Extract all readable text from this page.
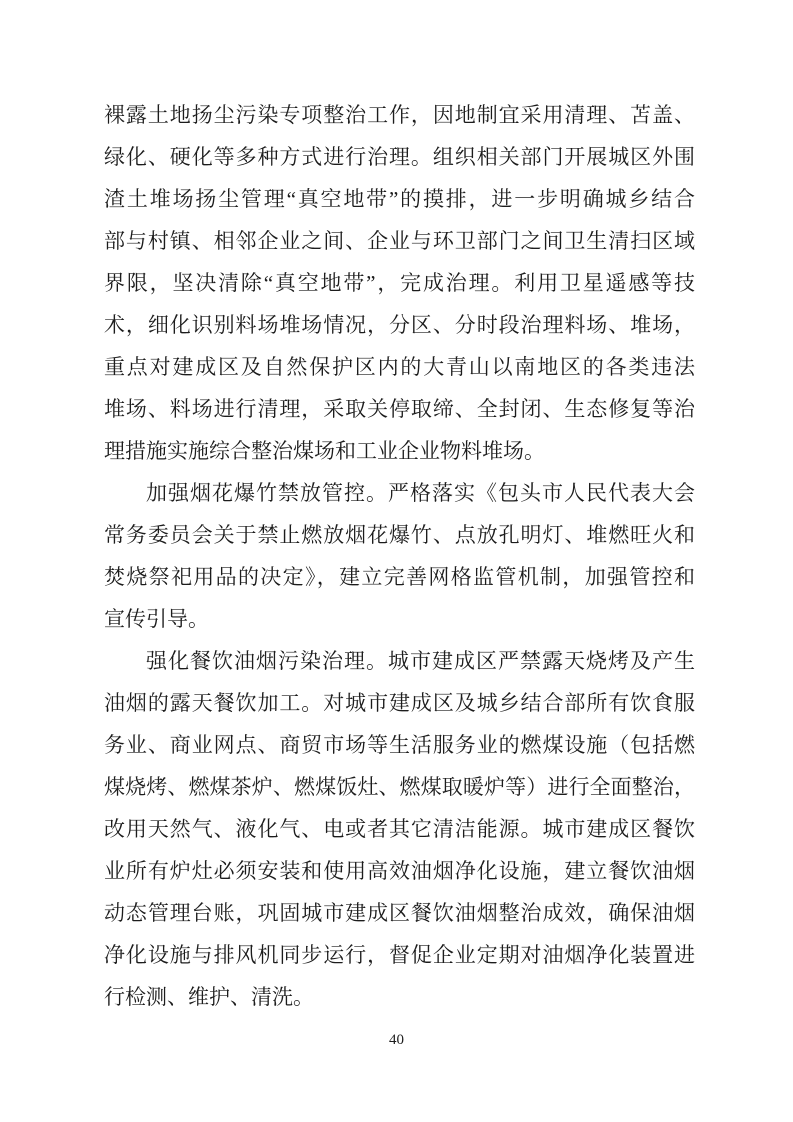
裸露土地扬尘污染专项整治工作，因地制宜采用清理、苫盖、
绿化、硬化等多种方式进行治理。组织相关部门开展城区外围
渣土堆场扬尘管理“真空地带”的摸排，进一步明确城乡结合
部与村镇、相邻企业之间、企业与环卫部门之间卫生清扫区域
界限，坚决清除“真空地带”，完成治理。利用卫星遥感等技
术，细化识别料场堆场情况，分区、分时段治理料场、堆场，
重点对建成区及自然保护区内的大青山以南地区的各类违法
堆场、料场进行清理，采取关停取缔、全封闭、生态修复等治
理措施实施综合整治煤场和工业企业物料堆场。
加强烟花爆竹禁放管控。严格落实《包头市人民代表大会
常务委员会关于禁止燃放烟花爆竹、点放孔明灯、堆燃旺火和
焚烧祭祀用品的决定》，建立完善网格监管机制，加强管控和
宣传引导。
强化餐饮油烟污染治理。城市建成区严禁露天烧烤及产生
油烟的露天餐饮加工。对城市建成区及城乡结合部所有饮食服
务业、商业网点、商贸市场等生活服务业的燃煤设施（包括燃
煤烧烤、燃煤茶炉、燃煤饭灶、燃煤取暖炉等）进行全面整治，
改用天然气、液化气、电或者其它清洁能源。城市建成区餐饮
业所有炉灶必须安装和使用高效油烟净化设施，建立餐饮油烟
动态管理台账，巩固城市建成区餐饮油烟整治成效，确保油烟
净化设施与排风机同步运行，督促企业定期对油烟净化装置进
行检测、维护、清洗。
40
